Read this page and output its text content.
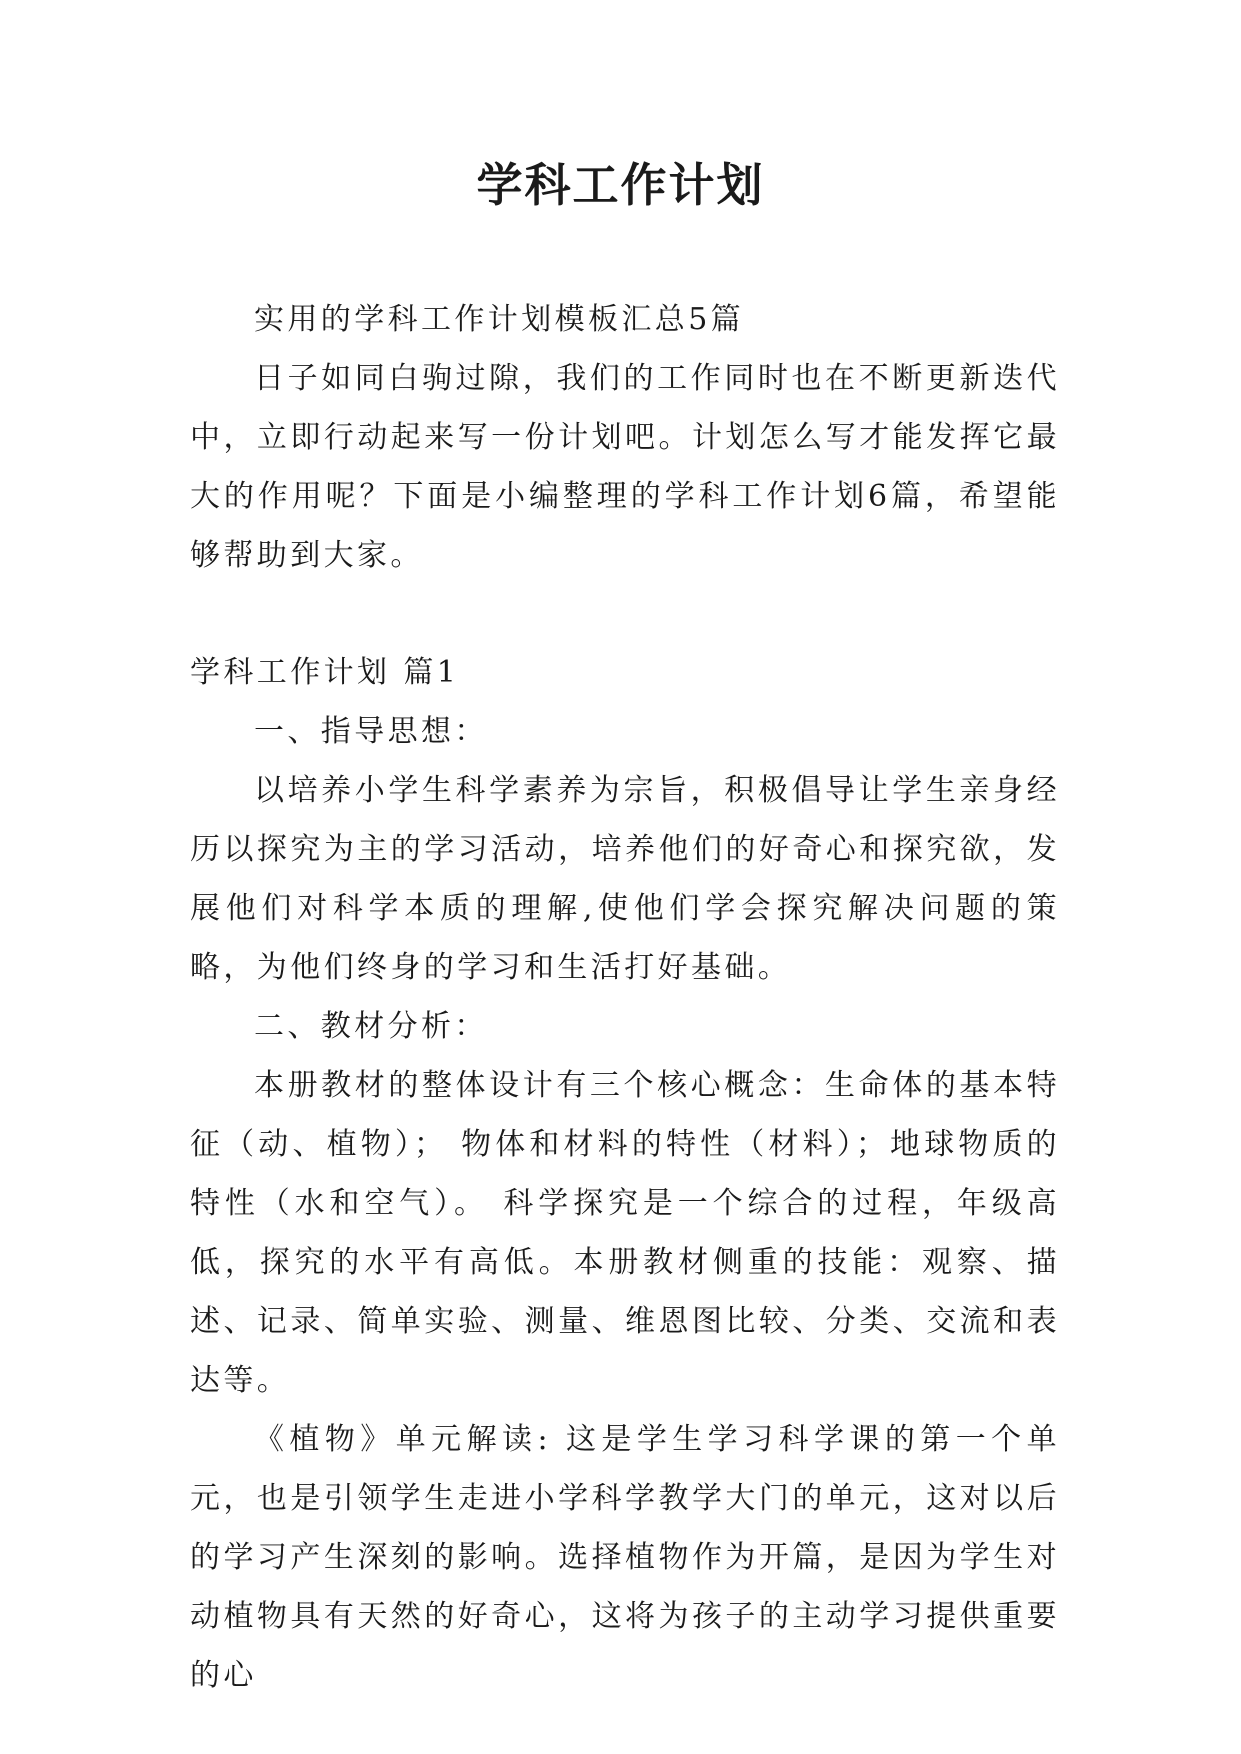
学科工作计划

实用的学科工作计划模板汇总5篇

日子如同白驹过隙，我们的工作同时也在不断更新迭代中，立即行动起来写一份计划吧。计划怎么写才能发挥它最大的作用呢？下面是小编整理的学科工作计划6篇，希望能够帮助到大家。

学科工作计划 篇1

一、指导思想：

以培养小学生科学素养为宗旨，积极倡导让学生亲身经历以探究为主的学习活动，培养他们的好奇心和探究欲，发展他们对科学本质的理解,使他们学会探究解决问题的策略，为他们终身的学习和生活打好基础。

二、教材分析：

本册教材的整体设计有三个核心概念：生命体的基本特征（动、植物）； 物体和材料的特性（材料）；地球物质的特性（水和空气）。 科学探究是一个综合的过程，年级高低，探究的水平有高低。本册教材侧重的技能：观察、描述、记录、简单实验、测量、维恩图比较、分类、交流和表达等。

《植物》单元解读: 这是学生学习科学课的第一个单元，也是引领学生走进小学科学教学大门的单元，这对以后的学习产生深刻的影响。选择植物作为开篇，是因为学生对动植物具有天然的好奇心，这将为孩子的主动学习提供重要的心
